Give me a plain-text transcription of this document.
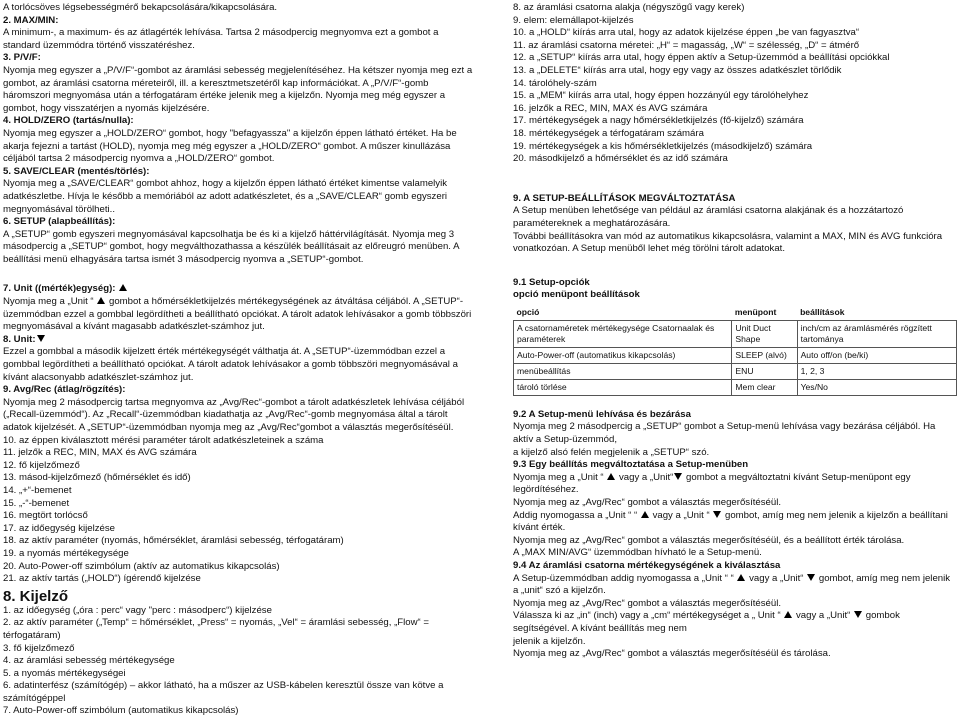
A torlócsöves légsebességmérő bekapcsolására/kikapcsolására.

2. MAX/MIN:

A minimum-, a maximum- és az átlagérték lehívása. Tartsa 2 másodpercig megnyomva ezt a gombot a standard üzemmódra történő visszatéréshez.

3. P/V/F:

Nyomja meg egyszer a „P/V/F“-gombot az áramlási sebesség megjelenítéséhez. Ha kétszer nyomja meg ezt a gombot, az áramlási csatorna méreteiről, ill. a keresztmetszetéről kap információkat. A „P/V/F“-gomb háromszori megnyomása után a térfogatáram értéke jelenik meg a kijelzőn. Nyomja meg még egyszer a gombot, hogy visszatérjen a nyomás kijelzésére.

4. HOLD/ZERO (tartás/nulla):

Nyomja meg egyszer a „HOLD/ZERO“ gombot, hogy "befagyassza" a kijelzőn éppen látható értéket. Ha be akarja fejezni a tartást (HOLD), nyomja meg még egyszer a „HOLD/ZERO“ gombot. A műszer kinullázása céljából tartsa 2 másodpercig nyomva a „HOLD/ZERO“ gombot.

5. SAVE/CLEAR (mentés/törlés):

Nyomja meg a „SAVE/CLEAR“ gombot ahhoz, hogy a kijelzőn éppen látható értéket kimentse valamelyik adatkészletbe. Hívja le később a memóriából az adott adatkészletet, és a „SAVE/CLEAR“ gomb egyszeri megnyomásával törölheti..

6. SETUP (alapbeállítás):

A „SETUP“ gomb egyszeri megnyomásával kapcsolhatja be és ki a kijelző háttérvilágítását. Nyomja meg 3 másodpercig a „SETUP“ gombot, hogy megválthozathassa a készülék beállításait az előreugró menüben. A beállítási menü elhagyására tartsa ismét 3 másodpercig nyomva a „SETUP“-gombot.

7. Unit ((mérték)egység):

Nyomja meg a „Unit “ gombot a hőmérsékletkijelzés mértékegységének az átváltása céljából. A „SETUP“-üzemmódban ezzel a gombbal legördítheti a beállítható opciókat. A tárolt adatok lehívásakor a gomb többszöri megnyomásával a kívánt magasabb adatkészlet-számhoz jut.

8. Unit:

Ezzel a gombbal a második kijelzett érték mértékegységét válthatja át. A „SETUP“-üzemmódban ezzel a gombbal legördítheti a beállítható opciókat. A tárolt adatok lehívásakor a gomb többszöri megnyomásával a kívánt alacsonyabb adatkészlet-számhoz jut.

9. Avg/Rec (átlag/rögzítés):

Nyomja meg 2 másodpercig tartsa megnyomva az „Avg/Rec“-gombot a tárolt adatkészletek lehívása céljából („Recall-üzemmód“). Az „Recall“-üzemmódban kiadathatja az „Avg/Rec“-gomb megnyomása által a tárolt adatok kijelzését. A „SETUP“-üzemmódban nyomja meg az „Avg/Rec“gombot a választás megerősítéséül.

10. az éppen kiválasztott mérési paraméter tárolt adatkészleteinek a száma

11. jelzők a REC, MIN, MAX és AVG számára

12. fő kijelzőmező

13. másod-kijelzőmező (hőmérséklet és idő)

14. „+“-bemenet

15. „-“-bemenet

16. megtört torlócső

17. az időegység kijelzése

18. az aktív paraméter (nyomás, hőmérséklet, áramlási sebesség, térfogatáram)

19. a nyomás mértékegysége

20. Auto-Power-off szimbólum (aktív az automatikus kikapcsolás)

21. az aktív tartás („HOLD“) ígérendő kijelzése

8. Kijelző

1. az időegység („óra : perc“ vagy "perc : másodperc“) kijelzése

2. az aktív paraméter („Temp“ = hőmérséklet, „Press“ = nyomás, „Vel“ = áramlási sebesség, „Flow“ = térfogatáram)

3. fő kijelzőmező

4. az áramlási sebesség mértékegysége

5. a nyomás mértékegységei

6. adatinterfész (számítógép) – akkor látható, ha a műszer az USB-kábelen keresztül össze van kötve a számítógéppel

7. Auto-Power-off szimbólum (automatikus kikapcsolás)

8. az áramlási csatorna alakja (négyszögű vagy kerek)

9. elem: elemállapot-kijelzés

10. a „HOLD“ kiírás arra utal, hogy az adatok kijelzése éppen „be van fagyasztva“

11. az áramlási csatorna méretei: „H“ = magasság, „W“ = szélesség, „D“ = átmérő

12. a „SETUP“ kiírás arra utal, hogy éppen aktív a Setup-üzemmód a beállítási opciókkal

13. a „DELETE“ kiírás arra utal, hogy egy vagy az összes adatkészlet törlődik

14. tárolóhely-szám

15. a „MEM“ kiírás arra utal, hogy éppen hozzányúl egy tárolóhelyhez

16. jelzők a REC, MIN, MAX és AVG számára

17. mértékegységek a nagy hőmérsékletkijelzés (fő-kijelző) számára

18. mértékegységek a térfogatáram számára

19. mértékegységek a kis hőmérsékletkijelzés (másodkijelző) számára

20. másodkijelző a hőmérséklet és az idő számára

9. A SETUP-BEÁLLÍTÁSOK MEGVÁLTOZTATÁSA

A Setup menüben lehetősége van például az áramlási csatorna alakjának és a hozzátartozó paramétereknek a meghatározására.

További beállításokra van mód az automatikus kikapcsolásra, valamint a MAX, MIN és AVG funkcióra vonatkozóan. A Setup menüből lehet még törölni tárolt adatokat.

9.1 Setup-opciók

opció menüpont beállítások

opció	menüpont	beállítások
A csatornaméretek mértékegysége Csatornaalak és paraméterek	Unit Duct Shape	inch/cm az áramlásmérés rögzített tartománya
Auto-Power-off (automatikus kikapcsolás)	SLEEP (alvó)	Auto off/on (be/ki)
menübeállítás	ENU	1, 2, 3
tároló törlése	Mem clear	Yes/No

9.2 A Setup-menü lehívása és bezárása

Nyomja meg 2 másodpercig a „SETUP“ gombot a Setup-menü lehívása vagy bezárása céljából. Ha aktív a Setup-üzemmód,

a kijelző alsó felén megjelenik a „SETUP“ szó.

9.3 Egy beállítás megváltoztatása a Setup-menüben

Nyomja meg a „Unit “ vagy a „Unit“ gombot a megváltoztatni kívánt Setup-menüpont egy legördítéséhez.

Nyomja meg az „Avg/Rec“ gombot a választás megerősítéséül.

Addig nyomogassa a „Unit “ “ vagy a „Unit “ gombot, amíg meg nem jelenik a kijelzőn a beállítani kívánt érték.

Nyomja meg az „Avg/Rec“ gombot a választás megerősítéséül, és a beállított érték tárolása.

A „MAX MIN/AVG“ üzemmódban hívható le a Setup-menü.

9.4 Az áramlási csatorna mértékegységének a kiválasztása

A Setup-üzemmódban addig nyomogassa a „Unit “ “ vagy a „Unit“ gombot, amíg meg nem jelenik a „unit“ szó a kijelzőn.

Nyomja meg az „Avg/Rec“ gombot a választás megerősítéséül.

Válassza ki az „in“ (inch) vagy a „cm“ mértékegységet a „ Unit “ vagy a „Unit“ gombok segítségével. A kívánt beállítás meg nem

jelenik a kijelzőn.

Nyomja meg az „Avg/Rec“ gombot a választás megerősítéséül és tárolása.
